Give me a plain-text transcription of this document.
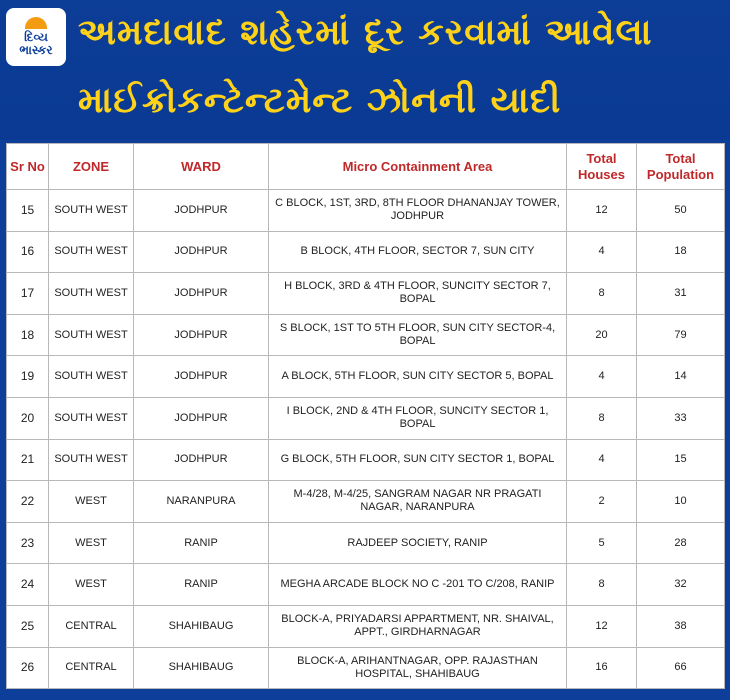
દિવ્ય
ભાસ્કર અમદાવાદ શહેરમાં દૂર કરવામાં આવેલા
માઈક્રોકન્ટેન્ટમેન્ટ ઝોનની યાદી
Sr No	ZONE	WARD	Micro Containment Area	Total Houses	Total Population
15	SOUTH WEST	JODHPUR	C BLOCK, 1ST, 3RD, 8TH FLOOR DHANANJAY TOWER, JODHPUR	12	50
16	SOUTH WEST	JODHPUR	B BLOCK, 4TH FLOOR, SECTOR 7, SUN CITY	4	18
17	SOUTH WEST	JODHPUR	H BLOCK, 3RD & 4TH FLOOR, SUNCITY SECTOR 7, BOPAL	8	31
18	SOUTH WEST	JODHPUR	S BLOCK, 1ST TO 5TH FLOOR, SUN CITY SECTOR-4, BOPAL	20	79
19	SOUTH WEST	JODHPUR	A BLOCK, 5TH FLOOR, SUN CITY SECTOR 5, BOPAL	4	14
20	SOUTH WEST	JODHPUR	I BLOCK, 2ND & 4TH FLOOR, SUNCITY SECTOR 1, BOPAL	8	33
21	SOUTH WEST	JODHPUR	G BLOCK, 5TH FLOOR, SUN CITY SECTOR 1, BOPAL	4	15
22	WEST	NARANPURA	M-4/28, M-4/25, SANGRAM NAGAR NR PRAGATI NAGAR, NARANPURA	2	10
23	WEST	RANIP	RAJDEEP SOCIETY, RANIP	5	28
24	WEST	RANIP	MEGHA ARCADE BLOCK NO C -201 TO C/208, RANIP	8	32
25	CENTRAL	SHAHIBAUG	BLOCK-A, PRIYADARSI APPARTMENT, NR. SHAIVAL, APPT., GIRDHARNAGAR	12	38
26	CENTRAL	SHAHIBAUG	BLOCK-A, ARIHANTNAGAR, OPP. RAJASTHAN HOSPITAL, SHAHIBAUG	16	66
